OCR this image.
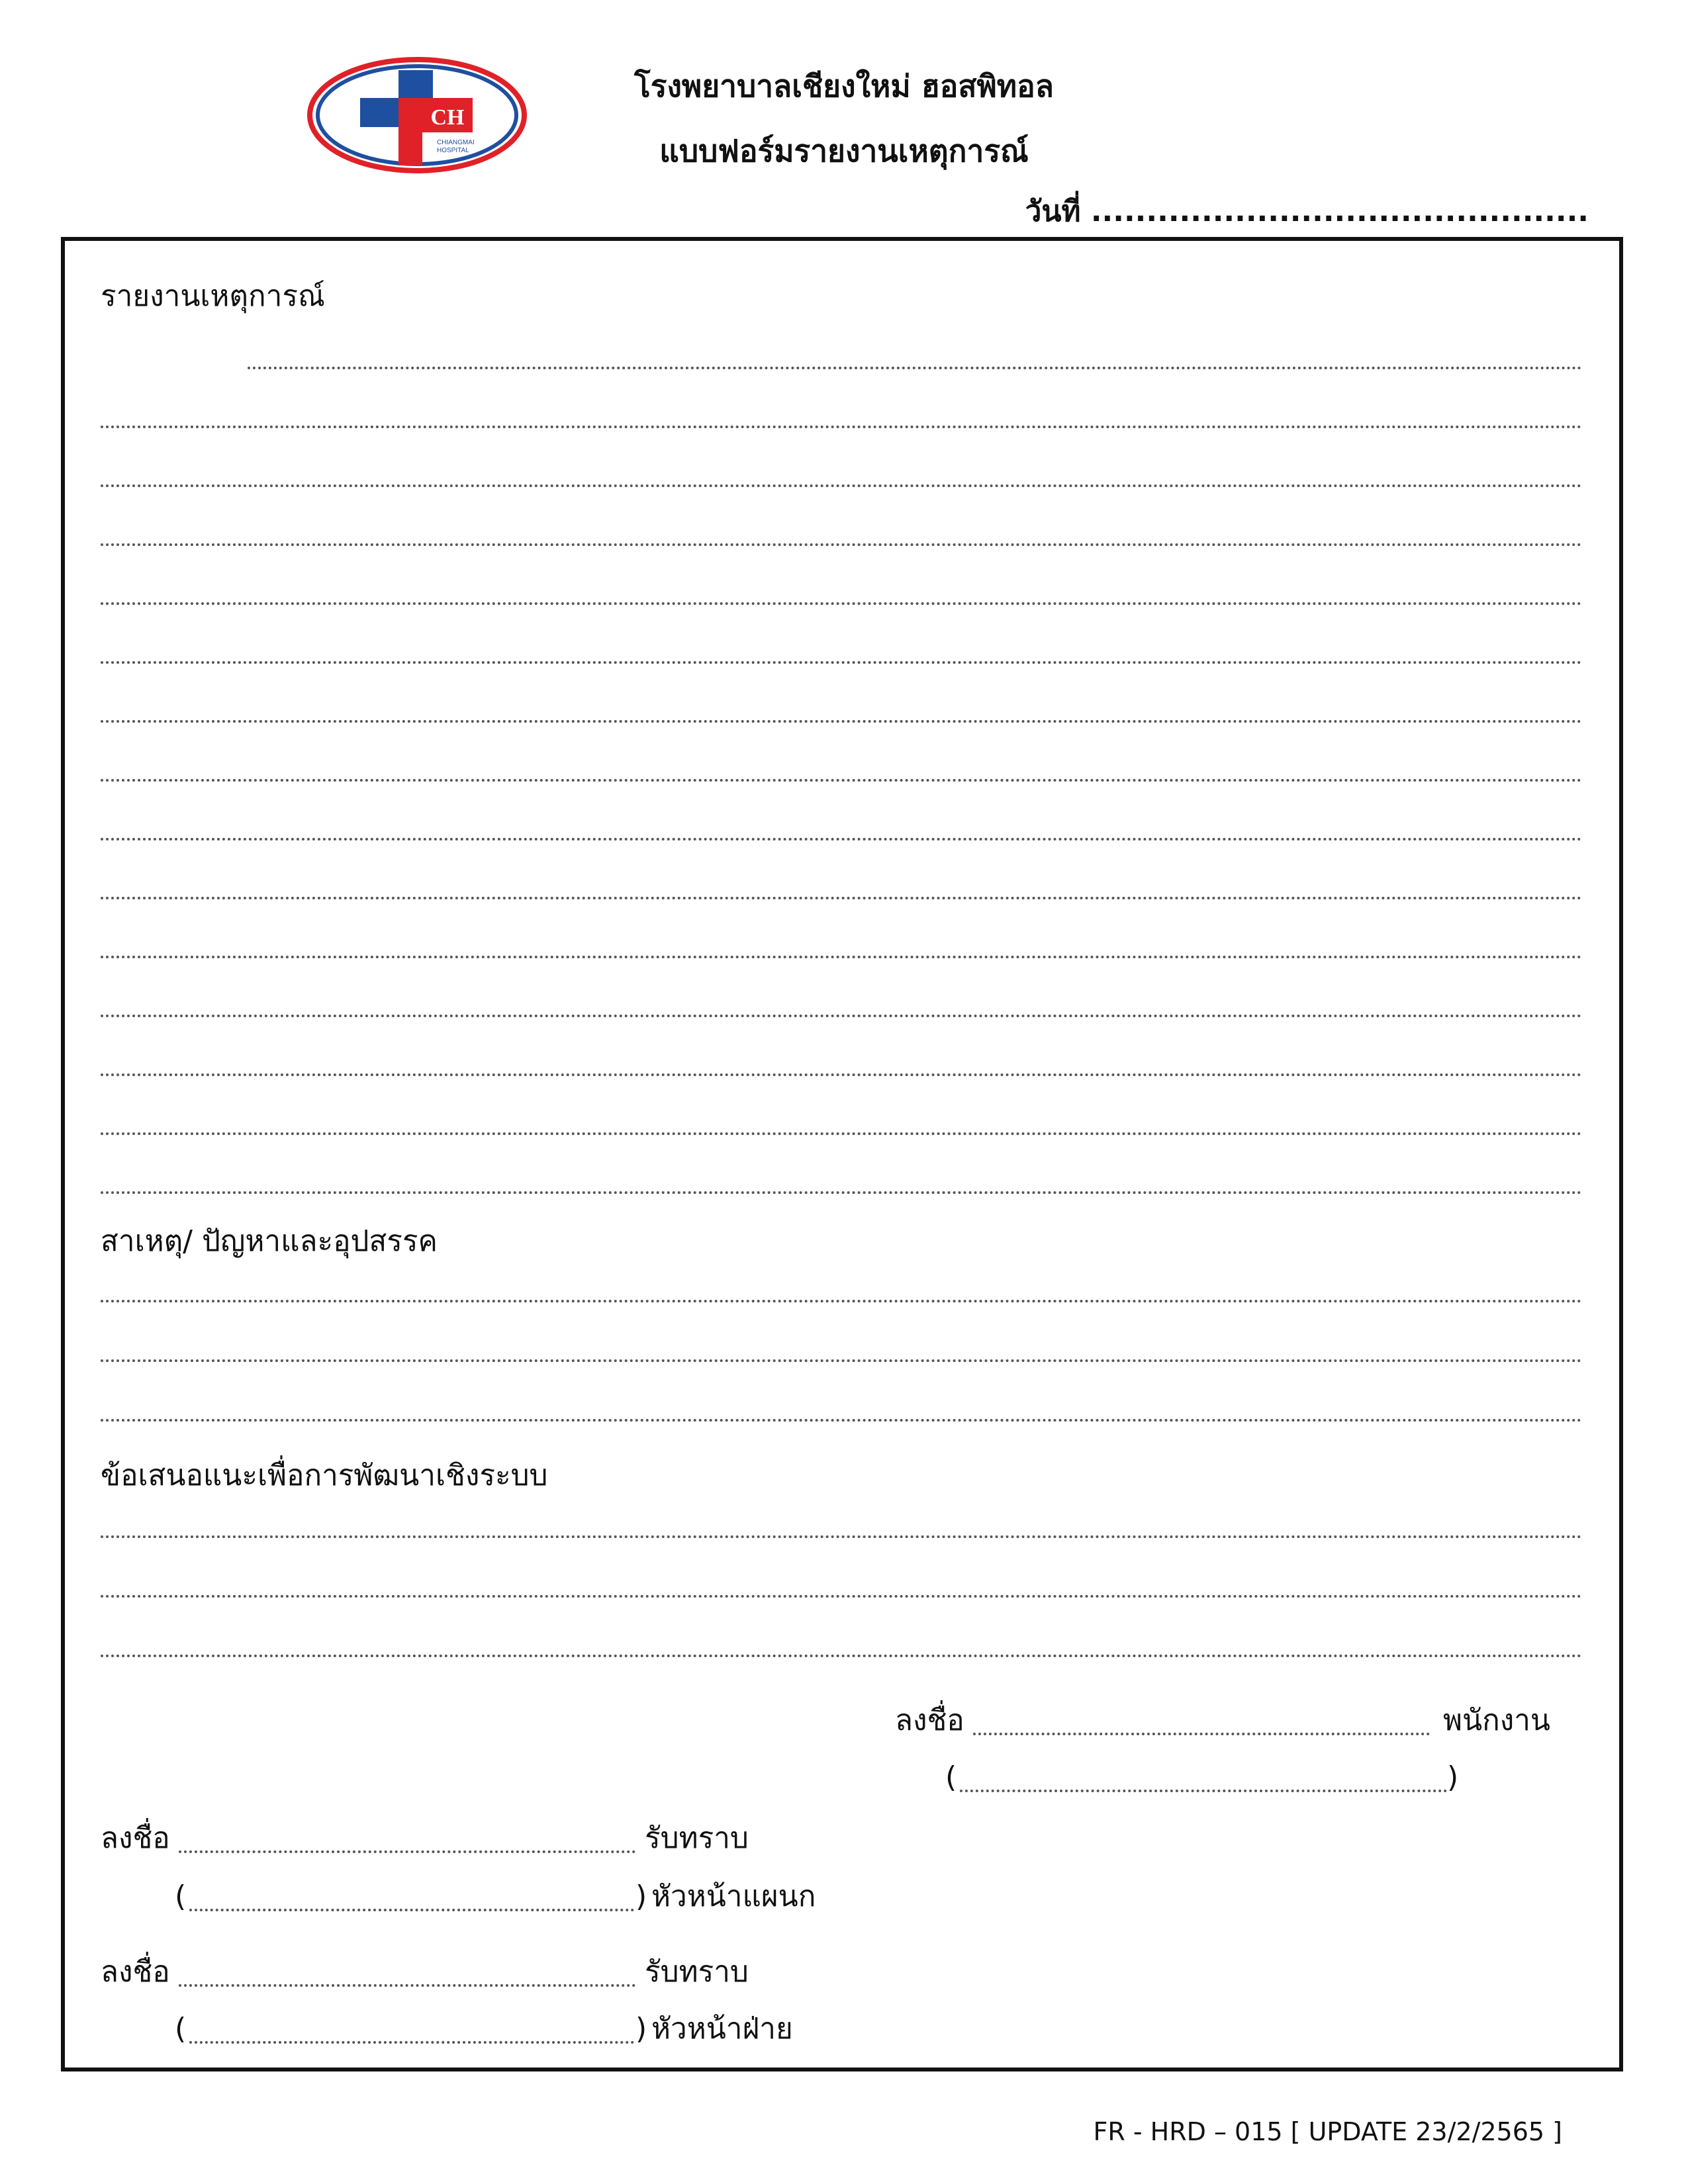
CH
CHIANGMAI
HOSPITAL
โรงพยาบาลเชียงใหม่ ฮอสพิทอล
แบบฟอร์มรายงานเหตุการณ์
วันที่ .............................................
รายงานเหตุการณ์
สาเหตุ/ ปัญหาและอุปสรรค
ข้อเสนอแนะเพื่อการพัฒนาเชิงระบบ
ลงชื่อ	พนักงาน
(	)
ลงชื่อ	รับทราบ
(	) หัวหน้าแผนก
ลงชื่อ	รับทราบ
(	) หัวหน้าฝ่าย
FR - HRD – 015 [ UPDATE 23/2/2565 ]
